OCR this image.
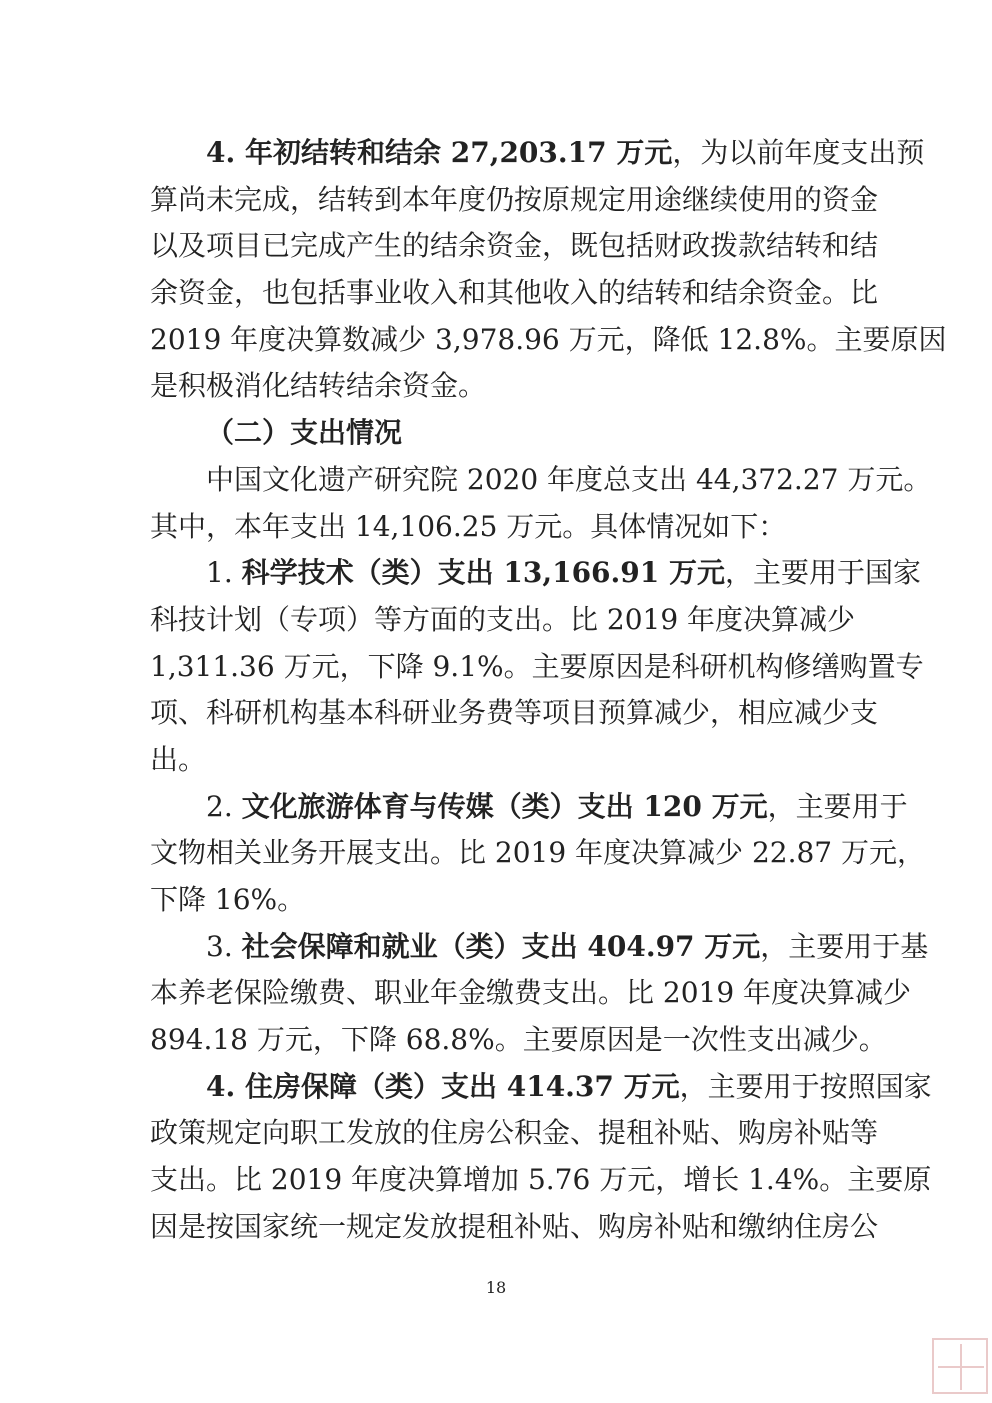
4. 年初结转和结余 27,203.17 万元，为以前年度支出预
算尚未完成，结转到本年度仍按原规定用途继续使用的资金
以及项目已完成产生的结余资金，既包括财政拨款结转和结
余资金，也包括事业收入和其他收入的结转和结余资金。比
2019 年度决算数减少 3,978.96 万元，降低 12.8%。主要原因
是积极消化结转结余资金。
（二）支出情况
中国文化遗产研究院 2020 年度总支出 44,372.27 万元。
其中，本年支出 14,106.25 万元。具体情况如下：
1. 科学技术（类）支出 13,166.91 万元，主要用于国家
科技计划（专项）等方面的支出。比 2019 年度决算减少
1,311.36 万元，下降 9.1%。主要原因是科研机构修缮购置专
项、科研机构基本科研业务费等项目预算减少，相应减少支
出。
2. 文化旅游体育与传媒（类）支出 120 万元，主要用于
文物相关业务开展支出。比 2019 年度决算减少 22.87 万元，
下降 16%。
3. 社会保障和就业（类）支出 404.97 万元，主要用于基
本养老保险缴费、职业年金缴费支出。比 2019 年度决算减少
894.18 万元，下降 68.8%。主要原因是一次性支出减少。
4. 住房保障（类）支出 414.37 万元，主要用于按照国家
政策规定向职工发放的住房公积金、提租补贴、购房补贴等
支出。比 2019 年度决算增加 5.76 万元，增长 1.4%。主要原
因是按国家统一规定发放提租补贴、购房补贴和缴纳住房公
18
